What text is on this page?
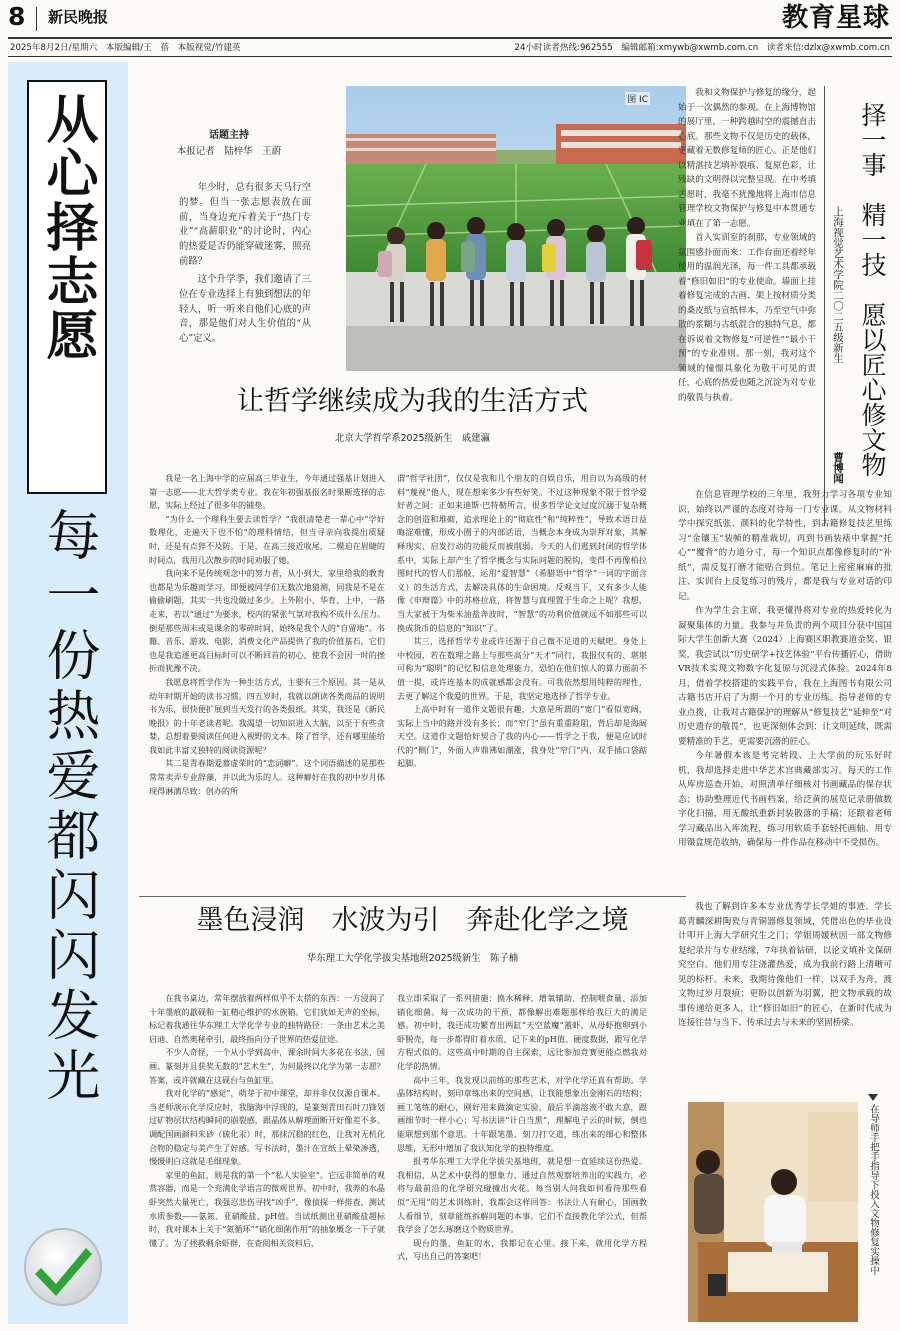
8 新民晚报	教育星球
2025年8月2日/星期六　本版编辑/王　蓓　本版视觉/竹建英	24小时读者热线:962555　编辑邮箱:xmywb@xwmb.com.cn　读者来信:dzlx@xwmb.com.cn
从心择志愿
每一份热爱都闪闪发光
话题主持
本报记者　陆梓华　王蔚
年少时，总有很多天马行空的梦。但当一张志愿表放在面前，当身边充斥着关于“热门专业”“高薪职业”的讨论时，内心的热爱是否仍能穿破迷雾，照亮前路？
这个升学季，我们邀请了三位在专业选择上有独到想法的年轻人，听一听来自他们心底的声音，那是他们对人生价值的“从心”定义。
图 IC
让哲学继续成为我的生活方式
北京大学哲学系2025级新生　戚建瀛

我是一名上海中学的应届高三毕业生，今年通过强基计划进入第一志愿——北大哲学类专业。我在年初强基报名时果断选择的志愿，实际上经过了很多年的铺垫。

“为什么一个理科生要去读哲学？”我很清楚老一辈心中“学好数理化，走遍天下也不怕”的理科情结，但当寻亲向我提出质疑时，还是有点猝不及防。于是，在高三接近收尾，二模迫在眉睫的时间点，我用几次散步的时间劝服了她。

我向来不是传统观念中的努力者，从小到大，家里给我的教育也都是为乐趣而学习。即便被同学们无数次地猜测，同我是不是在偷偷刷题，其实一共也没做过多少。上外附小、华育、上中，一路走来，若以“通过”为要求，校内的紧张气氛对我构不成什么压力。倒是那些周末或是课余的零碎时间，始终是我个人的“自留地”。书籍、音乐、游戏、电影，消费文化产品提供了我的价值基石，它们也是我追逐更高目标时可以不断回首的初心，使我不会因一时的挫折而犹豫不决。

我愿意将哲学作为一种生活方式，主要有三个原因。其一是从幼年时期开始的读书习惯。四五岁时，我就以朗读各类商品的说明书为乐，很快便扩展到当天发行的各类报纸。其实，我还是《新民晚报》的十年老读者呢。我渴望一切知识进入大脑，以至于有些贪婪，总想着要阅读任何进入视野的文本。除了哲学，还有哪里能给我如此丰富又独特的阅读资源呢？

其二是青春期爱慕虚荣时的“恋词癖”。这个词语描述的是那些常常卖弄专业辞藻，并以此为乐的人。这种癖好在我的初中岁月体现得淋漓尽致：创办的所

谓“哲学社团”，仅仅是我和几个朋友的自娱自乐，用自以为高级的材料“蔑视”他人，现在想来多少有些好笑。不过这种现象不限于哲学爱好者之间：正如来迪斯·巴特勒所言，很多哲学论文过度沉溺于复杂概念的创造和堆砌，追求理论上的“彻底性”和“纯粹性”，导致术语日益晦涩难懂，形成小圈子的内部话语，当概念本身成为崇拜对象，其解释现实、启发行动的功能反而被削弱。今天的人们逃到封闭的哲学体系中，实际上却产生了哲学概念与实际问题的脱钩，变得不再像柏拉图时代的哲人们那般，运用“爱智慧”（希腊语中“哲学”一词的字面含义）的生活方式，去解决具体的生命困境。反观当下，又有多少人能像《申辩篇》中的苏格拉底，将智慧与真理置于生命之上呢？我想，当大家被于为柴米油盐奔波时，“智慧”的功利价值就远不如那些可以换成货币的信息的“知识”了。

其三，选择哲学专业或许还源于自己微不足道的天赋吧。身处上中校园，若在数理之路上与那些高分“天才”同行，我报仅有的、堪堪可称为“聪明”的记忆和信息处理能力，恐怕在他们惊人的算力面前不值一提，或许连基本的成就感都会没有。可我依然想用纯粹的理性，去更了解这个我爱的世界。于是，我坚定地选择了哲学专业。

上高中时有一道作文题很有趣，大意是所谓的“宽门”看似宽阔，实际上当中的路并没有多长；而“窄门”虽有重重险阻，背后却是海阔天空。这道作文题恰好契合了我的内心——哲学之于我，便是应试时代的“侧门”，外面人声鼎沸如潮涨，我身处“窄门”内，双手插口袋踮起脚。

墨色浸润　水波为引　奔赴化学之境
华东理工大学化学拔尖基地班2025级新生　陈子楠

在我书桌边，常年摆放着两样似乎不太搭的东西：一方浸润了十年墨痕的歙砚和一缸精心维护的水族箱。它们犹如无声的坐标，标记着我通往华东理工大学化学专业的独特路径：一条由艺术之美启迪、自然奥秘牵引，最终指向分子世界的热爱征途。

不少人奇怪，一个从小学到高中，课余时间大多花在书法、国画、篆刻并且获奖无数的“艺术生”，为何最终以化学为第一志愿？答案，或许就藏在这砚台与鱼缸里。

我对化学的“感觉”，萌芽于初中课堂，却并非仅仅源自课本。当老师演示化学反应时，我脑海中浮现的，是篆刻青田石时刀锋划过矿物层状结构瞬间的崩裂感，跟晶体从解理面断开好像差不多。调配国画颜料朱砂（硫化汞）时，那抹沉稳的红色，让我对无机化合物的稳定与美产生了好感。写书法时，墨汁在宣纸上晕染渗透，慢慢明白这就是毛细现象。

家里的鱼缸，则是我的第一个“私人实验室”。它远非简单的观赏容器，而是一个充满化学语言的微观世界。初中时，我养的水晶虾突然大量死亡，我强忍悲伤寻找“凶手”，像侦探一样排查，测试水质参数——氨氮、亚硝酸盐、pH值。当试纸测出亚硝酸盐超标时，我对课本上关于“氮循环”“硝化细菌作用”的抽象概念一下子就懂了。为了拯救剩余虾群，在查阅相关资料后，

我立即采取了一系列措施：换水稀释、增氧辅助、控制喂食量、添加硝化细菌。每一次成功的干预，都像解出难题那样给我巨大的满足感。初中时，我还成功繁育出两缸“天空蓝魔”蓋虾，从母虾抱卵到小虾脱壳，每一步都得盯着水质，记下来的pH值、硬度数据，跟写化学方程式似的。这些高中时期的自主探索，远比参加竞赛更能点燃我对化学的热情。

高中三年，我发现以前练的那些艺术，对学化学还真有帮助。学晶体结构时，刻印章练出来的空间感，让我能想象出金刚石的结构；画工笔练的耐心，刚好用来做滴定实验，最后半滴溶液不敢大意，跟画细节时一样小心；写书法讲“计白当黑”，理解电子云的时候，倒也能联想到那个意思。十年跟笔墨、刻刀打交道，练出来的细心和整体思维，无形中增加了我认知化学的独特维度。

报考华东理工大学化学拔尖基地班，就是想一直延续这份热爱。我相信，从艺术中获得的想象力、通过自然观察培养出的实践力，必将与最前沿的化学研究碰撞出火花。每当别人问我如何看待那些看似“无用”的艺术训练时，我都会这样回答：书法让人有耐心，国画教人看细节，刻章能练拆解问题的本事。它们不直接教化学公式，但帮我学会了怎么琢磨这个物质世界。

砚台的墨、鱼缸的水，我都记在心里。接下来，就用化学方程式，写出自己的答案吧！

我和文物保护与修复的缘分，起始于一次偶然的参观。在上海博物馆的展厅里，一种跨越时空的震撼直击心底。那些文物不仅是历史的载体，更藏着无数修复师的匠心。正是他们以精湛技艺填补裂痕、复原色彩，让残缺的文明得以完整呈现。在中考填志愿时，我毫不犹豫地将上海市信息管理学校文物保护与修复中本贯通专业填在了第一志愿。

首入实训室的刹那，专业领域的氛围感扑面而来：工作台面还着经年使用的温润光泽，每一件工具都承载着“修旧如旧”的专业使命。墙面上挂着修复完成的古画、架上按材质分类的桑皮纸与宣纸样本，乃至空气中弥散的浆糊与古纸混合的独特气息，都在诉说着文物修复“可逆性”“最小干预”的专业准则。那一刻，我对这个领域的憧憬具象化为敬干可见的责任，心底的热爱也随之沉淀为对专业的敬畏与执着。	择一事　精一技　愿以匠心修文物
上海视觉艺术学院二〇二五级新生
曹博闻

在信息管理学校的三年里，我努力学习各项专业知识，始终以严谨的态度对待每一门专业课。从文物材料学中探究纸张、颜料的化学特性，到古籍修复技艺里练习“金镶玉”装帧的精准裁切，再到书画装裱中掌握“托心”“覆背”的力道分寸，每一个知识点都像修复时的“补纸”，需反复打磨才能贴合到位。笔记上密密麻麻的批注、实训台上反复练习的残片，都是我与专业对话的印记。

作为学生会主席，我更懂得将对专业的热爱转化为凝聚集体的力量。我参与并负责的两个项目分获中国国际大学生创新大赛（2024）上海赛区职教赛道金奖、银奖，我尝试以“历史研学+技艺体验”平台传播匠心，借助VR技术实现文物数字化复原与沉浸式体验。2024年8月，借着学校搭建的实践平台，我在上海图书有限公司古籍书店开启了为期一个月的专业历练。指导老师的专业点拨，让我对古籍保护的理解从“修复技艺”延伸至“对历史遗存的敬畏”，也更深刻体会到：让文明延续，既需要精准的手艺，更需要沉潜的匠心。

今年暑假本该是考完转段、上大学前的玩乐好时机，我却选择走进中华艺术宫典藏部实习。每天的工作从库房巡查开始，对照清单仔细核对书画藏品的保存状态；协助整理近代书画档案，给泛黄的展览记录册做数字化扫描，用无酸纸重新封装散落的手稿；还跟着老师学习藏品出入库流程，练习用软质手套轻托画轴、用专用镊盒规范收纳，确保每一件作品在移动中不受损伤。

我也了解到许多本专业优秀学长学姐的事迹。学长葛青麟深耕陶瓷与青铜器修复领域，凭借出色的毕业设计叩开上海大学研究生之门；学姐周媛秋因一部文物修复纪录片与专业结缘，7年执着钻研，以论文填补文保研究空白。他们用专注浇灌热爱，成为我前行路上清晰可见的标杆。未来，我期待像他们一样，以双手为舟，渡文物过岁月裂痕；更盼以创新为羽翼，把文物承载的故事传递给更多人，让“修旧如旧”的匠心，在新时代成为连接往昔与当下、传承过去与未来的坚固桥梁。

在导师手把手指导下投入文物修复实操中
